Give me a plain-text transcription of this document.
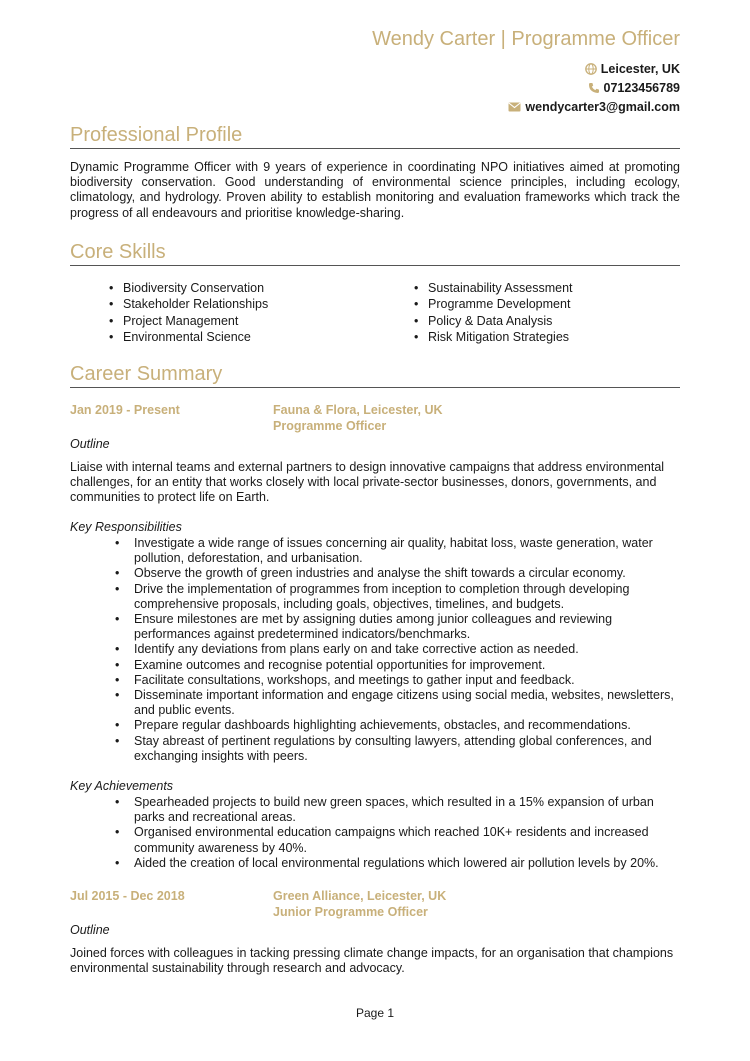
Wendy Carter | Programme Officer
Leicester, UK
07123456789
wendycarter3@gmail.com
Professional Profile
Dynamic Programme Officer with 9 years of experience in coordinating NPO initiatives aimed at promoting biodiversity conservation. Good understanding of environmental science principles, including ecology, climatology, and hydrology. Proven ability to establish monitoring and evaluation frameworks which track the progress of all endeavours and prioritise knowledge-sharing.
Core Skills
• Biodiversity Conservation
• Stakeholder Relationships
• Project Management
• Environmental Science
• Sustainability Assessment
• Programme Development
• Policy & Data Analysis
• Risk Mitigation Strategies
Career Summary
Jan 2019 - Present	Fauna & Flora, Leicester, UK
Programme Officer
Outline
Liaise with internal teams and external partners to design innovative campaigns that address environmental challenges, for an entity that works closely with local private-sector businesses, donors, governments, and communities to protect life on Earth.
Key Responsibilities
• Investigate a wide range of issues concerning air quality, habitat loss, waste generation, water pollution, deforestation, and urbanisation.
• Observe the growth of green industries and analyse the shift towards a circular economy.
• Drive the implementation of programmes from inception to completion through developing comprehensive proposals, including goals, objectives, timelines, and budgets.
• Ensure milestones are met by assigning duties among junior colleagues and reviewing performances against predetermined indicators/benchmarks.
• Identify any deviations from plans early on and take corrective action as needed.
• Examine outcomes and recognise potential opportunities for improvement.
• Facilitate consultations, workshops, and meetings to gather input and feedback.
• Disseminate important information and engage citizens using social media, websites, newsletters, and public events.
• Prepare regular dashboards highlighting achievements, obstacles, and recommendations.
• Stay abreast of pertinent regulations by consulting lawyers, attending global conferences, and exchanging insights with peers.
Key Achievements
• Spearheaded projects to build new green spaces, which resulted in a 15% expansion of urban parks and recreational areas.
• Organised environmental education campaigns which reached 10K+ residents and increased community awareness by 40%.
• Aided the creation of local environmental regulations which lowered air pollution levels by 20%.
Jul 2015 - Dec 2018	Green Alliance, Leicester, UK
Junior Programme Officer
Outline
Joined forces with colleagues in tacking pressing climate change impacts, for an organisation that champions environmental sustainability through research and advocacy.
Page 1
